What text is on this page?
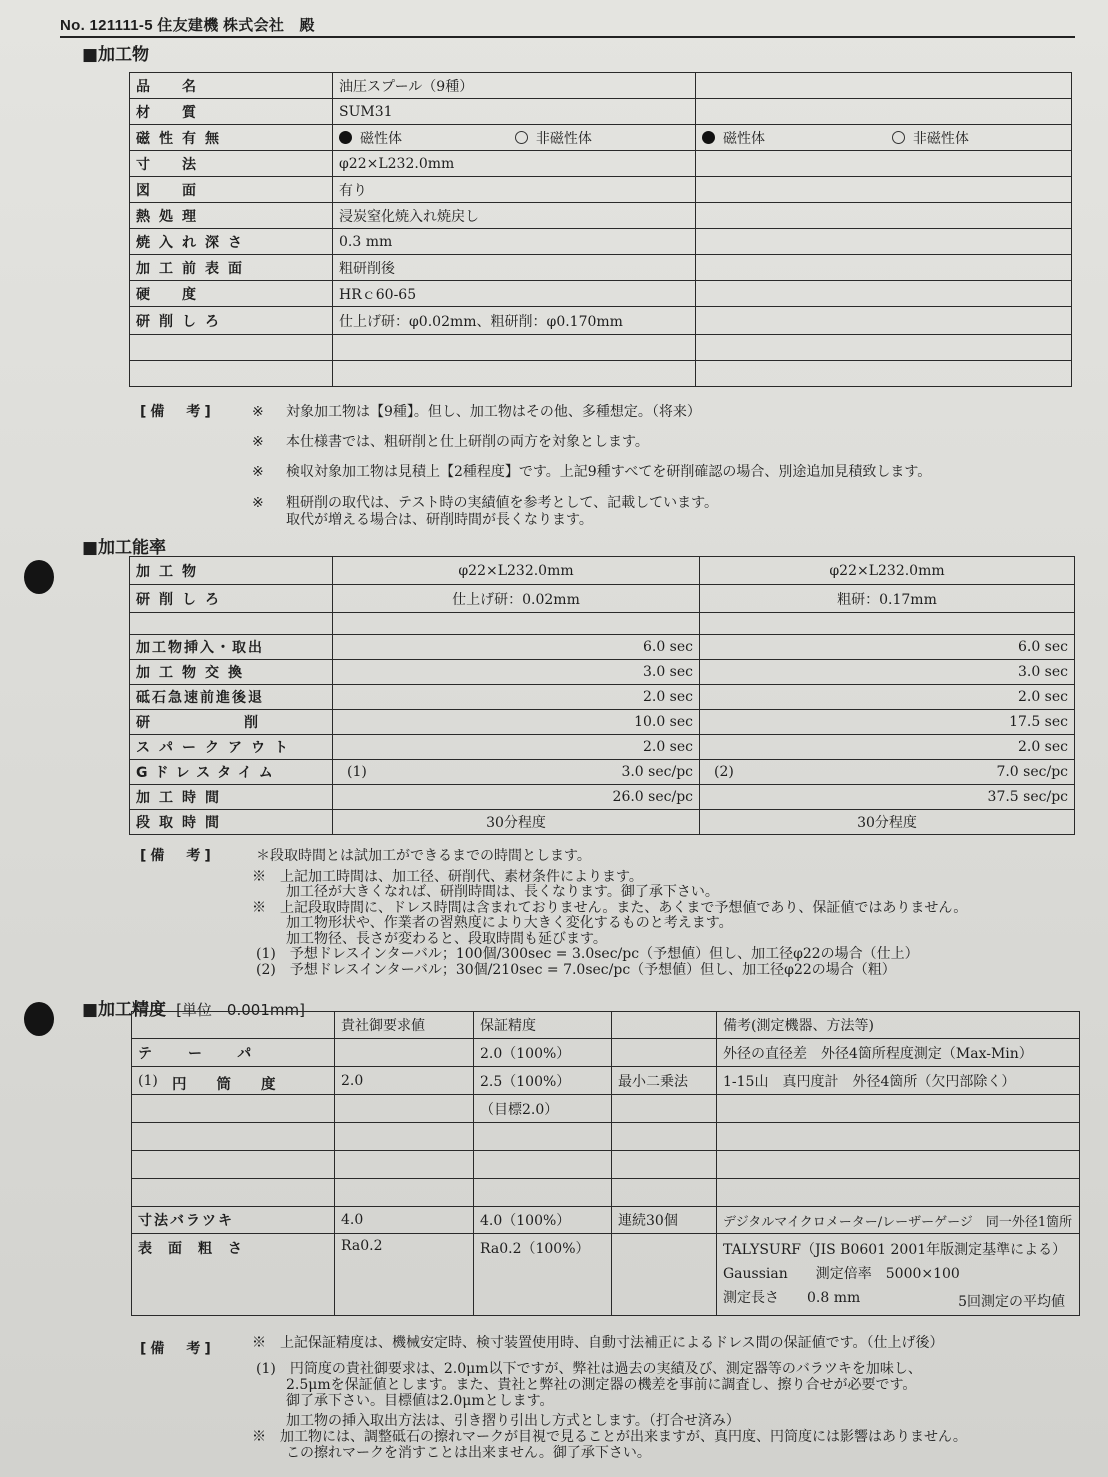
No. 121111-5 住友建機 株式会社　殿
■加工物
品　名	油圧スプール（9種）	
材　質	SUM31	
磁性有無	磁性体 非磁性体	磁性体 非磁性体
寸　法	φ22×L232.0mm	
図　面	有り	
熱処理	浸炭窒化焼入れ焼戻し	
焼入れ深さ	0.3 mm	
加工前表面	粗研削後	
硬　度	HRｃ60-65	
研削しろ	仕上げ研：φ0.02mm、粗研削：φ0.170mm	

[備　考]	※ 対象加工物は【9種】。但し、加工物はその他、多種想定。（将来）
※ 本仕様書では、粗研削と仕上研削の両方を対象とします。
※ 検収対象加工物は見積上【2種程度】です。上記9種すべてを研削確認の場合、別途追加見積致します。
※ 粗研削の取代は、テスト時の実績値を参考として、記載しています。
取代が増える場合は、研削時間が長くなります。
■加工能率
加工物	φ22×L232.0mm	φ22×L232.0mm
研削しろ	仕上げ研：0.02mm	粗研：0.17mm

加工物挿入・取出	6.0 sec	6.0 sec
加工物交換	3.0 sec	3.0 sec
砥石急速前進後退	2.0 sec	2.0 sec
研　削	10.0 sec	17.5 sec
スパークアウト	2.0 sec	2.0 sec
Gドレスタイム	(1) 3.0 sec/pc	(2) 7.0 sec/pc
加工時間	26.0 sec/pc	37.5 sec/pc
段取時間	30分程度	30分程度
[備　考]	＊段取時間とは試加工ができるまでの時間とします。
※　上記加工時間は、加工径、研削代、素材条件によります。
加工径が大きくなれば、研削時間は、長くなります。御了承下さい。
※　上記段取時間に、ドレス時間は含まれておりません。また、あくまで予想値であり、保証値ではありません。
加工物形状や、作業者の習熟度により大きく変化するものと考えます。
加工物径、長さが変わると、段取時間も延びます。
(1)　予想ドレスインターバル；100個/300sec = 3.0sec/pc（予想値）但し、加工径φ22の場合（仕上）
(2)　予想ドレスインターバル；30個/210sec = 7.0sec/pc（予想値）但し、加工径φ22の場合（粗）
■加工精度 [単位　0.001mm]
	貴社御要求値	保証精度		備考(測定機器、方法等)
テーパ		2.0（100%）		外径の直径差　外径4箇所程度測定（Max-Min）
(1) 円筒度	2.0	2.5（100%）	最小二乗法	1-15山　真円度計　外径4箇所（欠円部除く）
		（目標2.0）		

寸法バラツキ	4.0	4.0（100%）	連続30個	デジタルマイクロメーター/レーザーゲージ　同一外径1箇所
表面粗さ	Ra0.2	Ra0.2（100%）		TALYSURF（JIS B0601 2001年版測定基準による）
Gaussian　　測定倍率　5000×100
測定長さ　　0.8 mm 5回測定の平均値
[備　考]	※　上記保証精度は、機械安定時、検寸装置使用時、自動寸法補正によるドレス間の保証値です。（仕上げ後）
(1)　円筒度の貴社御要求は、2.0μm以下ですが、弊社は過去の実績及び、測定器等のバラツキを加味し、
2.5μmを保証値とします。また、貴社と弊社の測定器の機差を事前に調査し、擦り合せが必要です。
御了承下さい。目標値は2.0μmとします。
加工物の挿入取出方法は、引き摺り引出し方式とします。（打合せ済み）
※　加工物には、調整砥石の擦れマークが目視で見ることが出来ますが、真円度、円筒度には影響はありません。
この擦れマークを消すことは出来ません。御了承下さい。
